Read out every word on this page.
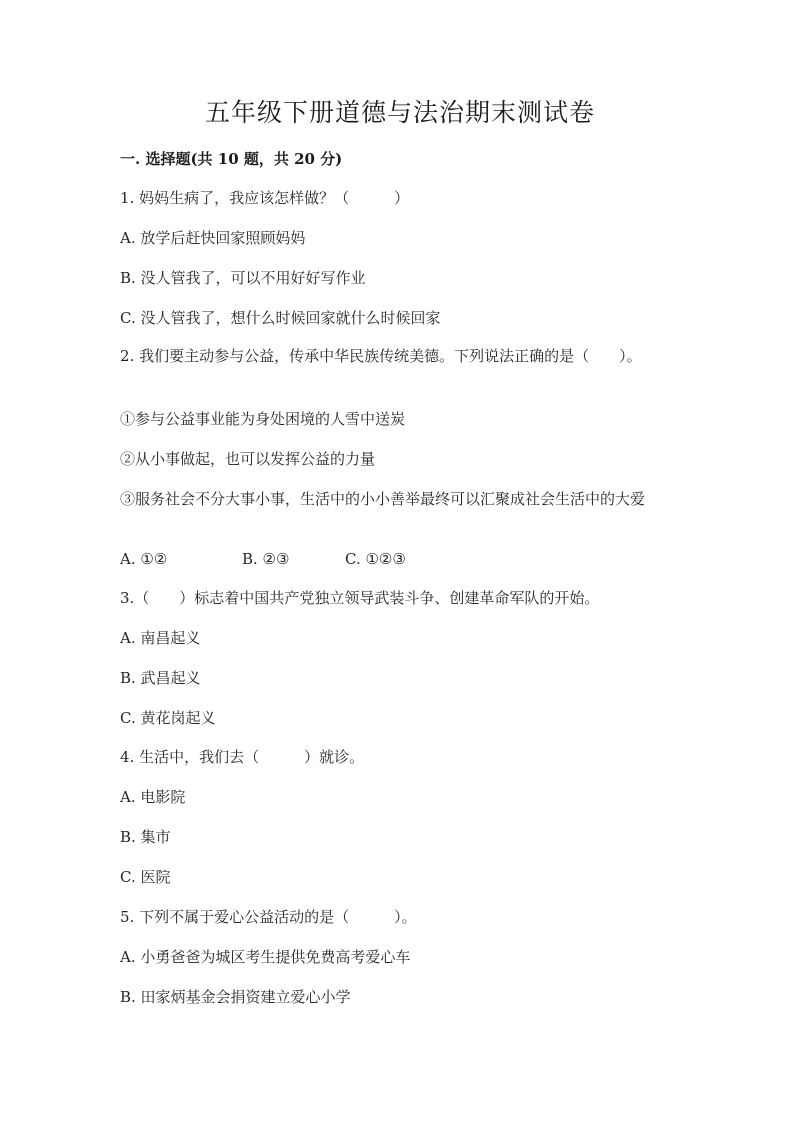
五年级下册道德与法治期末测试卷
一. 选择题(共 10 题，共 20 分)
1. 妈妈生病了，我应该怎样做？（　　　）
A. 放学后赶快回家照顾妈妈
B. 没人管我了，可以不用好好写作业
C. 没人管我了，想什么时候回家就什么时候回家
2. 我们要主动参与公益，传承中华民族传统美德。下列说法正确的是（　　）。
①参与公益事业能为身处困境的人雪中送炭
②从小事做起，也可以发挥公益的力量
③服务社会不分大事小事，生活中的小小善举最终可以汇聚成社会生活中的大爱
A. ①②	B. ②③	C. ①②③
3.（　　）标志着中国共产党独立领导武装斗争、创建革命军队的开始。
A. 南昌起义
B. 武昌起义
C. 黄花岗起义
4. 生活中，我们去（　　　）就诊。
A. 电影院
B. 集市
C. 医院
5. 下列不属于爱心公益活动的是（　　　）。
A. 小勇爸爸为城区考生提供免费高考爱心车
B. 田家炳基金会捐资建立爱心小学
